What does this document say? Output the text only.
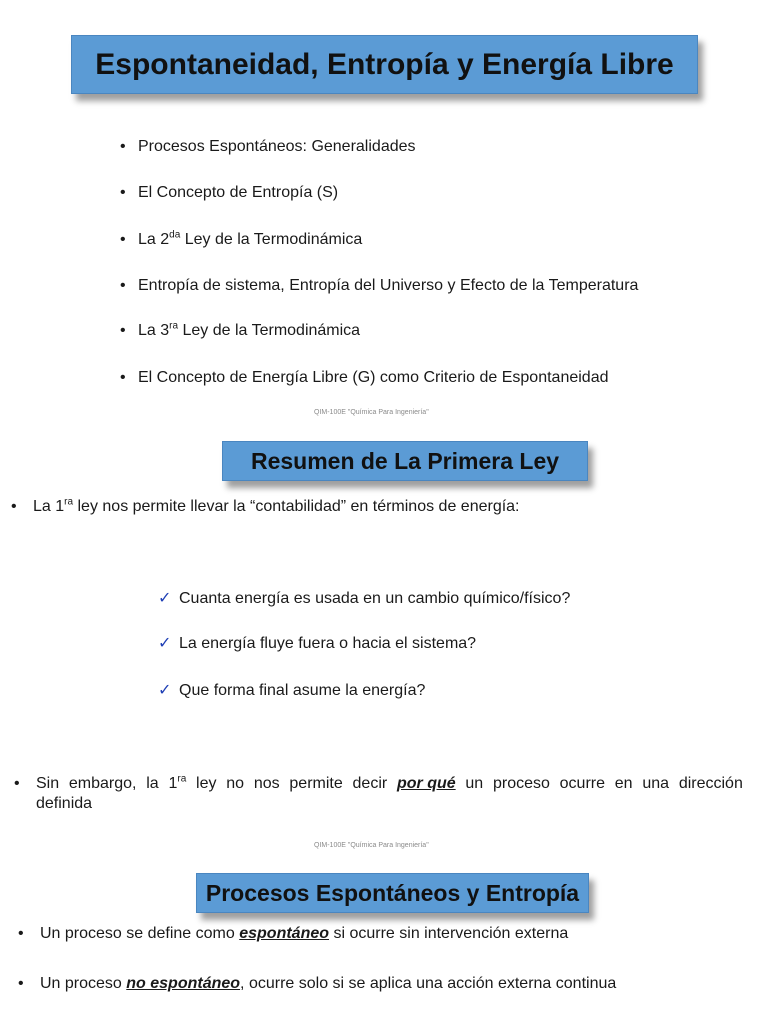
Espontaneidad, Entropía y Energía Libre
• Procesos Espontáneos: Generalidades
• El Concepto de Entropía (S)
• La $2^{da}$ Ley de la Termodinámica
• Entropía de sistema, Entropía del Universo y Efecto de la Temperatura
• La $3^{ra}$ Ley de la Termodinámica
• El Concepto de Energía Libre (G) como Criterio de Espontaneidad
QIM-100E "Química Para Ingeniería"
Resumen de La Primera Ley
• La $1^{ra}$ ley nos permite llevar la “contabilidad” en términos de energía:
✓ Cuanta energía es usada en un cambio químico/físico?
✓ La energía fluye fuera o hacia el sistema?
✓ Que forma final asume la energía?
• Sin embargo, la $1^{ra}$ ley no nos permite decir por qué un proceso ocurre en una dirección
definida
QIM-100E "Química Para Ingeniería"
Procesos Espontáneos y Entropía
• Un proceso se define como espontáneo si ocurre sin intervención externa
• Un proceso no espontáneo, ocurre solo si se aplica una acción externa continua
